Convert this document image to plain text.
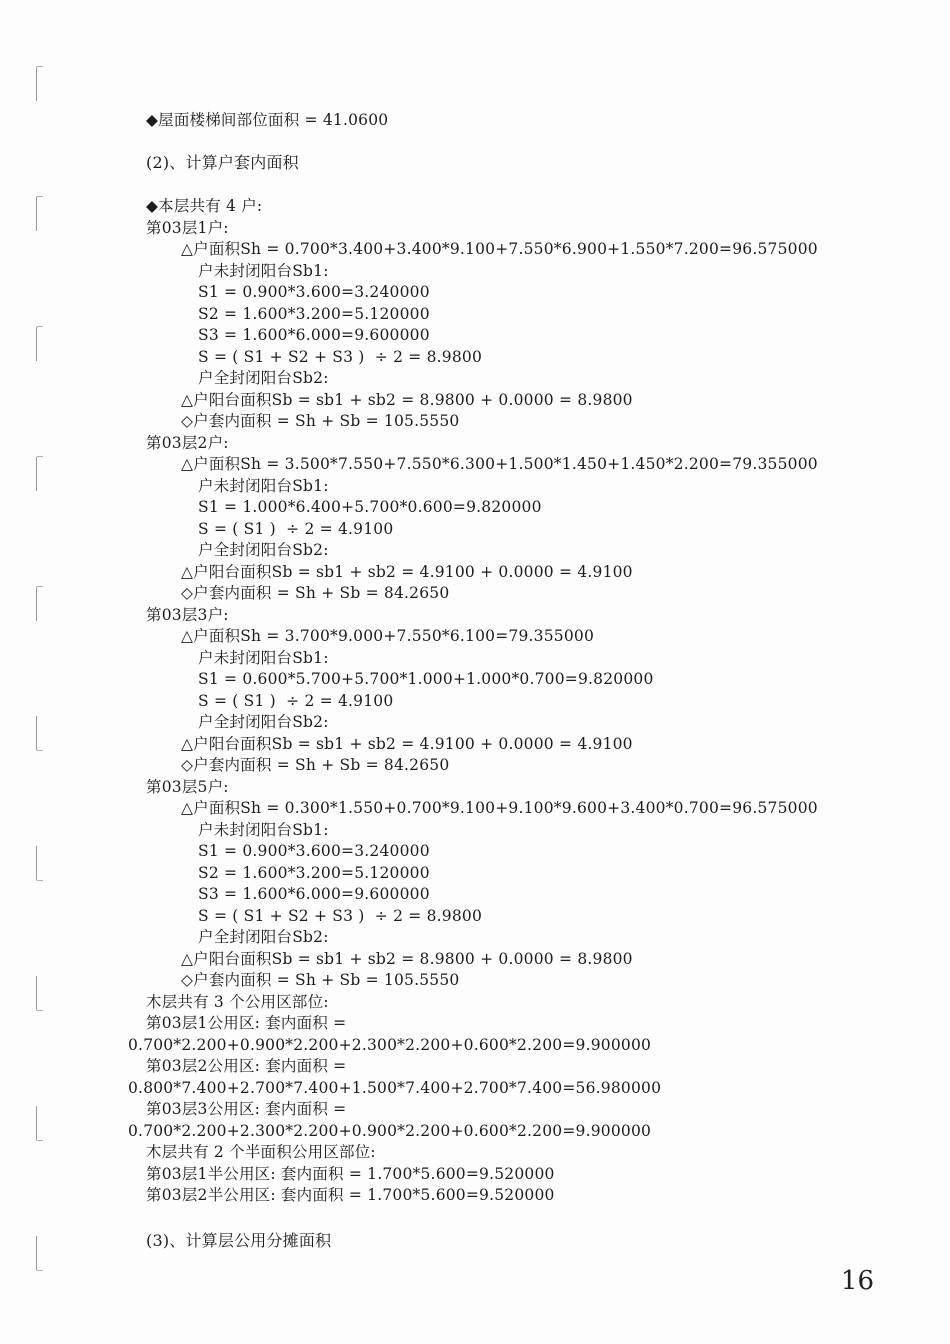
◆屋面楼梯间部位面积 = 41.0600
(2)、计算户套内面积
◆本层共有 4 户:
第03层1户:
△户面积Sh = 0.700*3.400+3.400*9.100+7.550*6.900+1.550*7.200=96.575000
户未封闭阳台Sb1:
S1 = 0.900*3.600=3.240000
S2 = 1.600*3.200=5.120000
S3 = 1.600*6.000=9.600000
S = ( S1 + S2 + S3 )  ÷ 2 = 8.9800
户全封闭阳台Sb2:
△户阳台面积Sb = sb1 + sb2 = 8.9800 + 0.0000 = 8.9800
◇户套内面积 = Sh + Sb = 105.5550
第03层2户:
△户面积Sh = 3.500*7.550+7.550*6.300+1.500*1.450+1.450*2.200=79.355000
户未封闭阳台Sb1:
S1 = 1.000*6.400+5.700*0.600=9.820000
S = ( S1 )  ÷ 2 = 4.9100
户全封闭阳台Sb2:
△户阳台面积Sb = sb1 + sb2 = 4.9100 + 0.0000 = 4.9100
◇户套内面积 = Sh + Sb = 84.2650
第03层3户:
△户面积Sh = 3.700*9.000+7.550*6.100=79.355000
户未封闭阳台Sb1:
S1 = 0.600*5.700+5.700*1.000+1.000*0.700=9.820000
S = ( S1 )  ÷ 2 = 4.9100
户全封闭阳台Sb2:
△户阳台面积Sb = sb1 + sb2 = 4.9100 + 0.0000 = 4.9100
◇户套内面积 = Sh + Sb = 84.2650
第03层5户:
△户面积Sh = 0.300*1.550+0.700*9.100+9.100*9.600+3.400*0.700=96.575000
户未封闭阳台Sb1:
S1 = 0.900*3.600=3.240000
S2 = 1.600*3.200=5.120000
S3 = 1.600*6.000=9.600000
S = ( S1 + S2 + S3 )  ÷ 2 = 8.9800
户全封闭阳台Sb2:
△户阳台面积Sb = sb1 + sb2 = 8.9800 + 0.0000 = 8.9800
◇户套内面积 = Sh + Sb = 105.5550
木层共有 3 个公用区部位:
第03层1公用区: 套内面积 =
0.700*2.200+0.900*2.200+2.300*2.200+0.600*2.200=9.900000
第03层2公用区: 套内面积 =
0.800*7.400+2.700*7.400+1.500*7.400+2.700*7.400=56.980000
第03层3公用区: 套内面积 =
0.700*2.200+2.300*2.200+0.900*2.200+0.600*2.200=9.900000
木层共有 2 个半面积公用区部位:
第03层1半公用区: 套内面积 = 1.700*5.600=9.520000
第03层2半公用区: 套内面积 = 1.700*5.600=9.520000
(3)、计算层公用分摊面积
16
